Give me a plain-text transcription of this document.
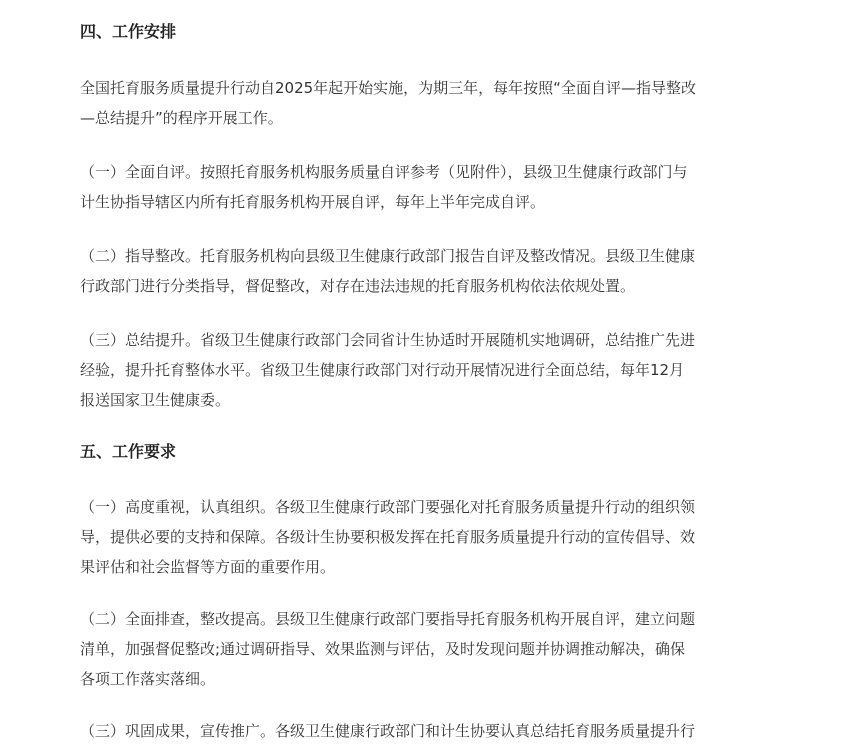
四、工作安排
全国托育服务质量提升行动自2025年起开始实施，为期三年，每年按照“全面自评—指导整改
—总结提升”的程序开展工作。
（一）全面自评。按照托育服务机构服务质量自评参考（见附件），县级卫生健康行政部门与
计生协指导辖区内所有托育服务机构开展自评，每年上半年完成自评。
（二）指导整改。托育服务机构向县级卫生健康行政部门报告自评及整改情况。县级卫生健康
行政部门进行分类指导，督促整改，对存在违法违规的托育服务机构依法依规处置。
（三）总结提升。省级卫生健康行政部门会同省计生协适时开展随机实地调研，总结推广先进
经验，提升托育整体水平。省级卫生健康行政部门对行动开展情况进行全面总结，每年12月
报送国家卫生健康委。
五、工作要求
（一）高度重视，认真组织。各级卫生健康行政部门要强化对托育服务质量提升行动的组织领
导，提供必要的支持和保障。各级计生协要积极发挥在托育服务质量提升行动的宣传倡导、效
果评估和社会监督等方面的重要作用。
（二）全面排查，整改提高。县级卫生健康行政部门要指导托育服务机构开展自评，建立问题
清单，加强督促整改;通过调研指导、效果监测与评估，及时发现问题并协调推动解决，确保
各项工作落实落细。
（三）巩固成果，宣传推广。各级卫生健康行政部门和计生协要认真总结托育服务质量提升行
